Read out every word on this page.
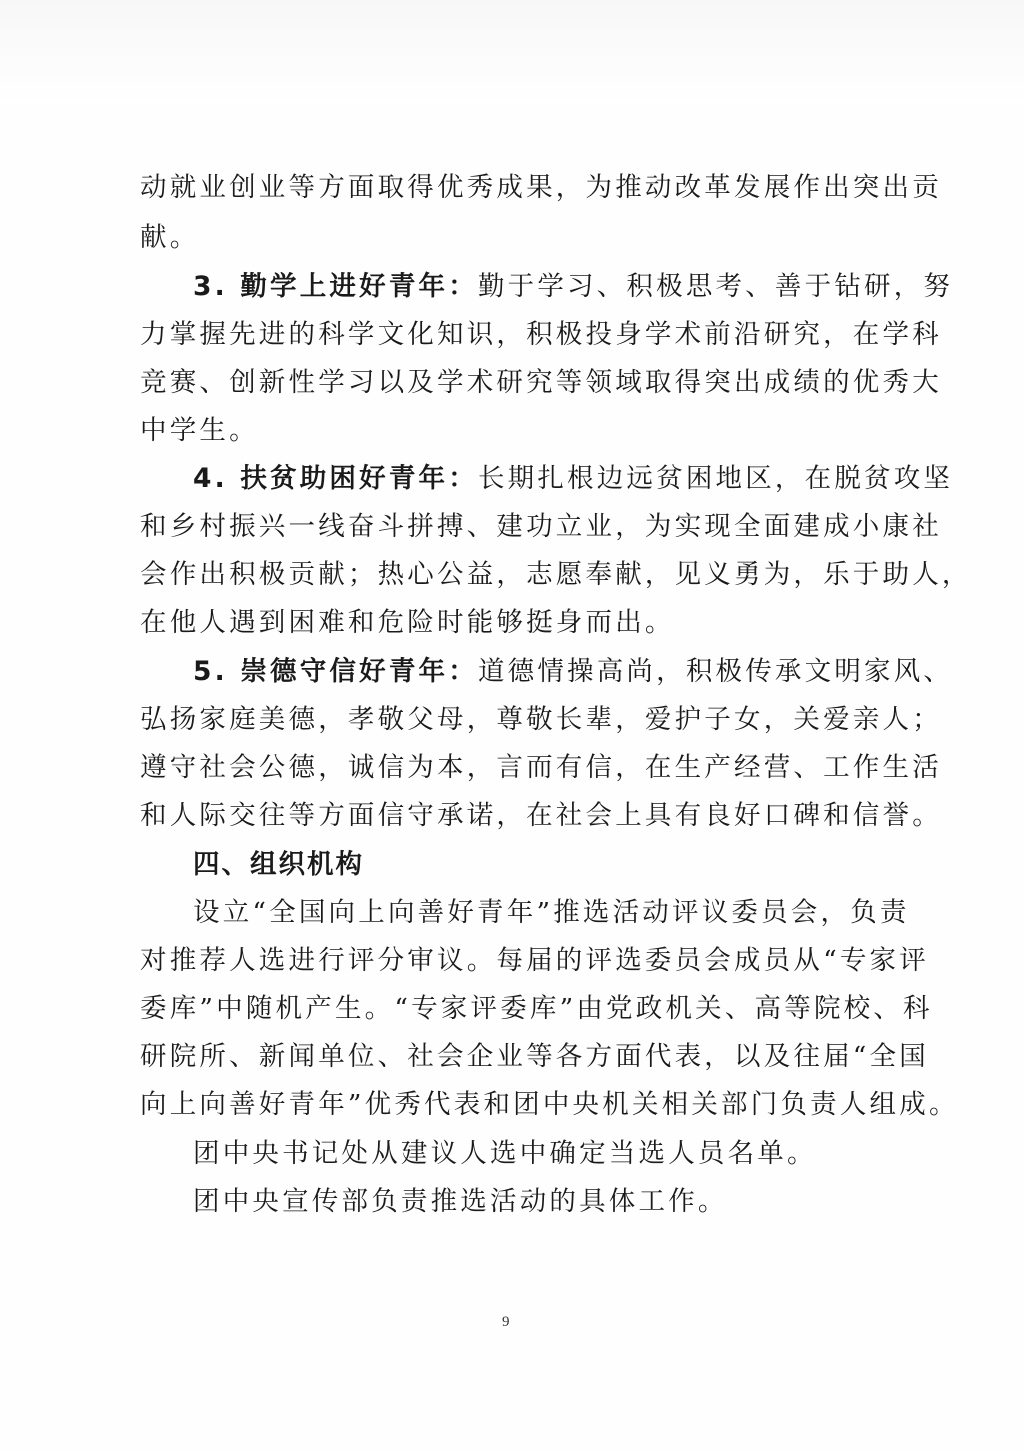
动就业创业等方面取得优秀成果，为推动改革发展作出突出贡
献。
3. 勤学上进好青年：勤于学习、积极思考、善于钻研，努
力掌握先进的科学文化知识，积极投身学术前沿研究，在学科
竞赛、创新性学习以及学术研究等领域取得突出成绩的优秀大
中学生。
4. 扶贫助困好青年：长期扎根边远贫困地区，在脱贫攻坚
和乡村振兴一线奋斗拼搏、建功立业，为实现全面建成小康社
会作出积极贡献；热心公益，志愿奉献，见义勇为，乐于助人，
在他人遇到困难和危险时能够挺身而出。
5. 崇德守信好青年：道德情操高尚，积极传承文明家风、
弘扬家庭美德，孝敬父母，尊敬长辈，爱护子女，关爱亲人；
遵守社会公德，诚信为本，言而有信，在生产经营、工作生活
和人际交往等方面信守承诺，在社会上具有良好口碑和信誉。
四、组织机构
设立“全国向上向善好青年”推选活动评议委员会，负责
对推荐人选进行评分审议。每届的评选委员会成员从“专家评
委库”中随机产生。“专家评委库”由党政机关、高等院校、科
研院所、新闻单位、社会企业等各方面代表，以及往届“全国
向上向善好青年”优秀代表和团中央机关相关部门负责人组成。
团中央书记处从建议人选中确定当选人员名单。
团中央宣传部负责推选活动的具体工作。
9
